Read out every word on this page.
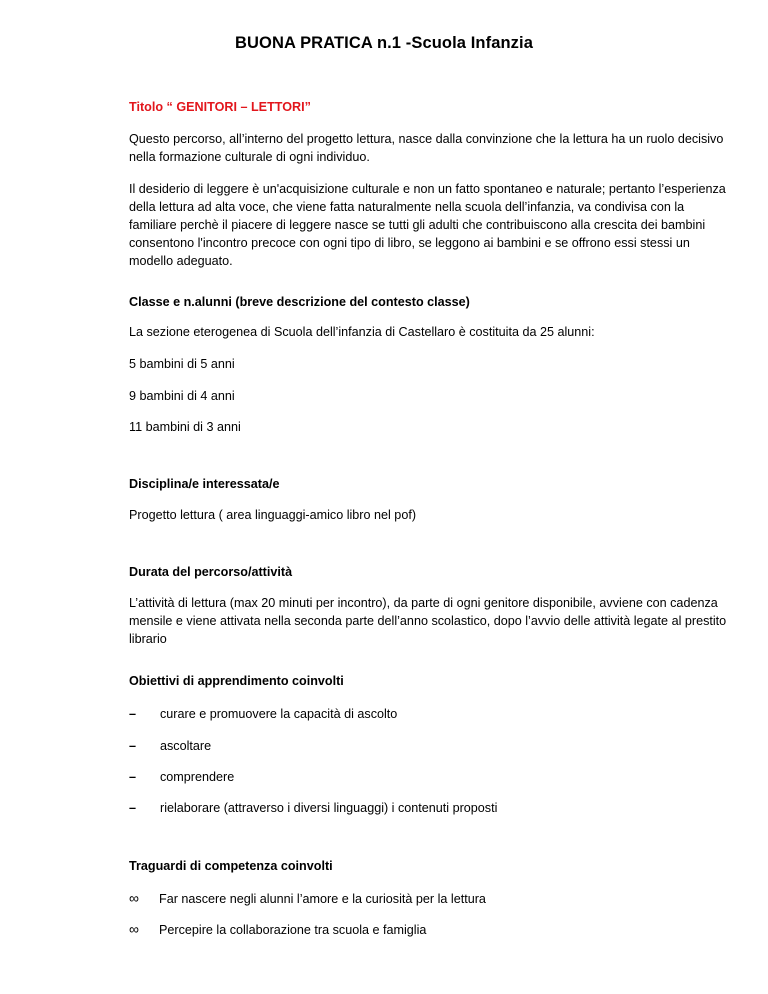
BUONA PRATICA n.1 -Scuola Infanzia
Titolo “ GENITORI – LETTORI”
Questo percorso, all’interno del progetto lettura, nasce dalla convinzione che la lettura ha un ruolo decisivo nella formazione culturale di ogni individuo.
Il desiderio di leggere è un'acquisizione culturale e non un fatto spontaneo e naturale; pertanto l’esperienza della lettura ad alta voce, che viene fatta naturalmente nella scuola dell’infanzia, va condivisa con la familiare perchè il piacere di leggere nasce se tutti gli adulti che contribuiscono alla crescita dei bambini consentono l'incontro precoce con ogni tipo di libro, se leggono ai bambini e se offrono essi stessi un modello adeguato.
Classe e n.alunni (breve descrizione del contesto classe)
La sezione eterogenea di Scuola dell’infanzia di Castellaro è costituita da 25 alunni:
5 bambini di 5 anni
9 bambini di 4 anni
11 bambini di 3 anni
Disciplina/e interessata/e
Progetto lettura ( area linguaggi-amico libro nel pof)
Durata del percorso/attività
L’attività di lettura (max 20 minuti per incontro), da parte di ogni genitore disponibile, avviene con cadenza mensile e viene attivata nella seconda parte dell’anno scolastico, dopo l’avvio delle attività legate al prestito librario
Obiettivi di apprendimento coinvolti
– curare e promuovere la capacità di ascolto
– ascoltare
– comprendere
– rielaborare (attraverso i diversi linguaggi) i contenuti proposti
Traguardi di competenza coinvolti
∞ Far nascere negli alunni l’amore e la curiosità per la lettura
∞ Percepire la collaborazione tra scuola e famiglia
